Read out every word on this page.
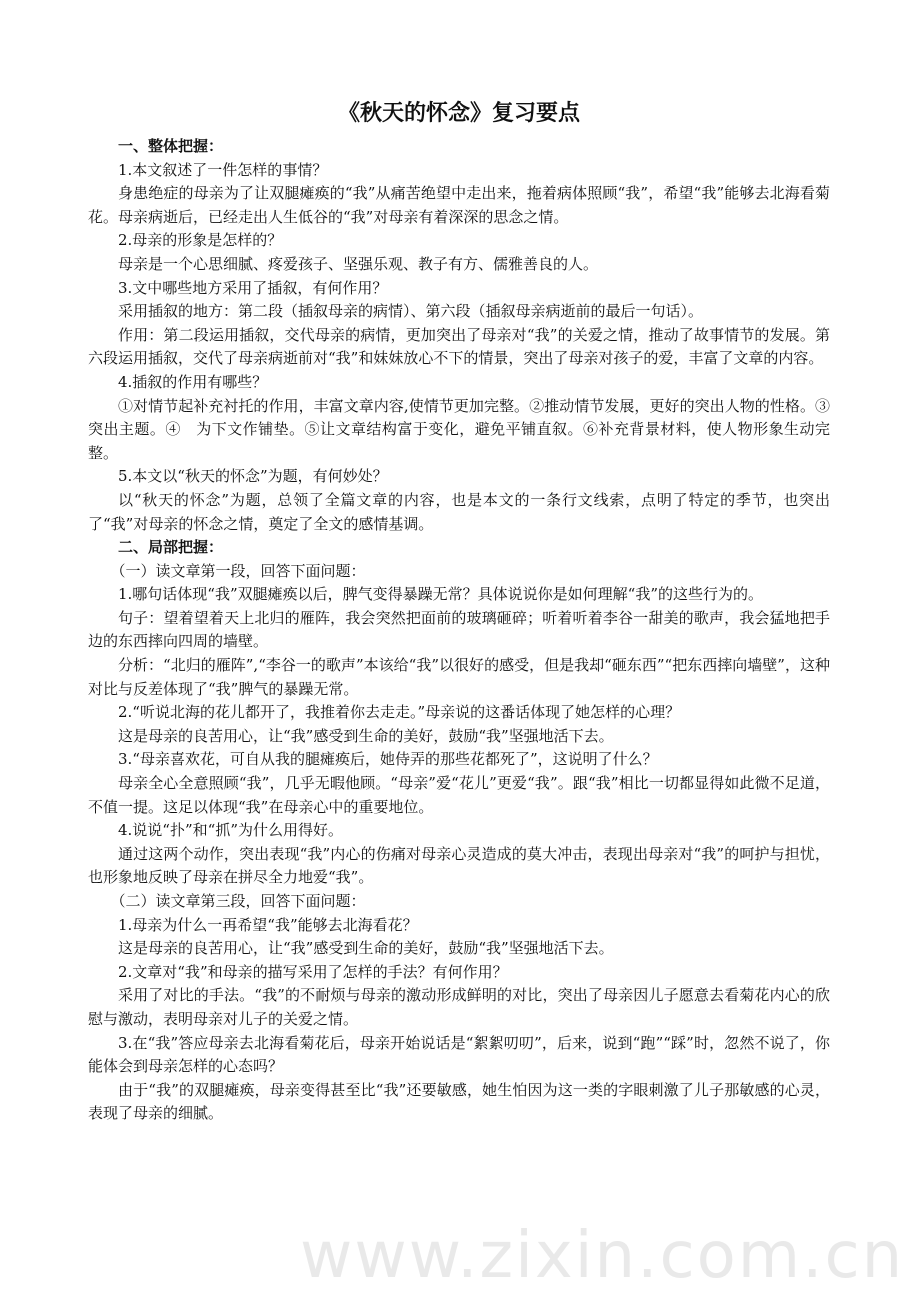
www.zixin.com.cn
《秋天的怀念》复习要点

一、整体把握：

1.本文叙述了一件怎样的事情？

身患绝症的母亲为了让双腿瘫痪的“我”从痛苦绝望中走出来，拖着病体照顾“我”，希望“我”能够去北海看菊花。母亲病逝后，已经走出人生低谷的“我”对母亲有着深深的思念之情。

2.母亲的形象是怎样的？

母亲是一个心思细腻、疼爱孩子、坚强乐观、教子有方、儒雅善良的人。

3.文中哪些地方采用了插叙，有何作用？

采用插叙的地方：第二段（插叙母亲的病情）、第六段（插叙母亲病逝前的最后一句话）。

作用：第二段运用插叙，交代母亲的病情，更加突出了母亲对“我”的关爱之情，推动了故事情节的发展。第六段运用插叙，交代了母亲病逝前对“我”和妹妹放心不下的情景，突出了母亲对孩子的爱，丰富了文章的内容。

4.插叙的作用有哪些？

①对情节起补充衬托的作用，丰富文章内容,使情节更加完整。②推动情节发展，更好的突出人物的性格。③突出主题。④　为下文作铺垫。⑤让文章结构富于变化，避免平铺直叙。⑥补充背景材料，使人物形象生动完整。

5.本文以“秋天的怀念”为题，有何妙处？

以“秋天的怀念”为题，总领了全篇文章的内容，也是本文的一条行文线索，点明了特定的季节，也突出了“我”对母亲的怀念之情，奠定了全文的感情基调。

二、局部把握：

（一）读文章第一段，回答下面问题：

1.哪句话体现“我”双腿瘫痪以后，脾气变得暴躁无常？具体说说你是如何理解“我”的这些行为的。

句子：望着望着天上北归的雁阵，我会突然把面前的玻璃砸碎；听着听着李谷一甜美的歌声，我会猛地把手边的东西摔向四周的墙壁。

分析：“北归的雁阵”,“李谷一的歌声”本该给“我”以很好的感受，但是我却“砸东西”“把东西摔向墙壁”，这种对比与反差体现了“我”脾气的暴躁无常。

2.“听说北海的花儿都开了，我推着你去走走。”母亲说的这番话体现了她怎样的心理？

这是母亲的良苦用心，让“我”感受到生命的美好，鼓励“我”坚强地活下去。

3.“母亲喜欢花，可自从我的腿瘫痪后，她侍弄的那些花都死了”，这说明了什么？

母亲全心全意照顾“我”，几乎无暇他顾。“母亲”爱“花儿”更爱“我”。跟“我”相比一切都显得如此微不足道，不值一提。这足以体现“我”在母亲心中的重要地位。

4.说说“扑”和“抓”为什么用得好。

通过这两个动作，突出表现“我”内心的伤痛对母亲心灵造成的莫大冲击，表现出母亲对“我”的呵护与担忧，也形象地反映了母亲在拼尽全力地爱“我”。

（二）读文章第三段，回答下面问题：

1.母亲为什么一再希望“我”能够去北海看花？

这是母亲的良苦用心，让“我”感受到生命的美好，鼓励“我”坚强地活下去。

2.文章对“我”和母亲的描写采用了怎样的手法？有何作用？

采用了对比的手法。“我”的不耐烦与母亲的激动形成鲜明的对比，突出了母亲因儿子愿意去看菊花内心的欣慰与激动，表明母亲对儿子的关爱之情。

3.在“我”答应母亲去北海看菊花后，母亲开始说话是“絮絮叨叨”，后来，说到“跑”“踩”时，忽然不说了，你能体会到母亲怎样的心态吗？

由于“我”的双腿瘫痪，母亲变得甚至比“我”还要敏感，她生怕因为这一类的字眼刺激了儿子那敏感的心灵，表现了母亲的细腻。
